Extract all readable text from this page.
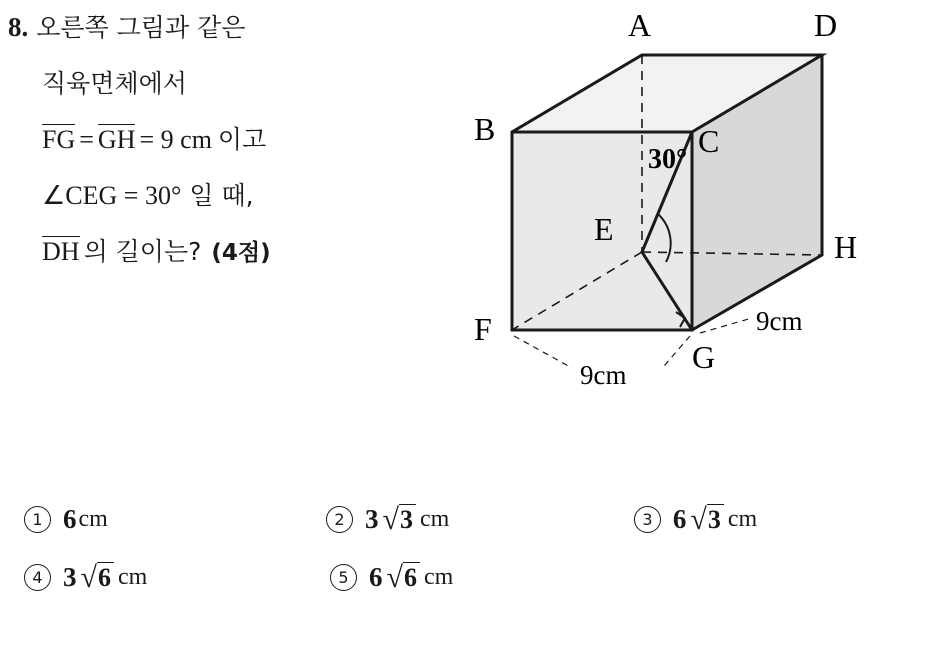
8. 오른쪽 그림과 같은
직육면체에서
FG = GH = 9 cm 이고
∠CEG = 30° 일 때,
DH 의 길이는? (4점)
A	D
B	C
E	H
F
G
30°
9cm
9cm
1 6 cm	2 3 √ 3 cm	3 6 √ 3 cm
4 3 √ 6 cm	5 6 √ 6 cm
